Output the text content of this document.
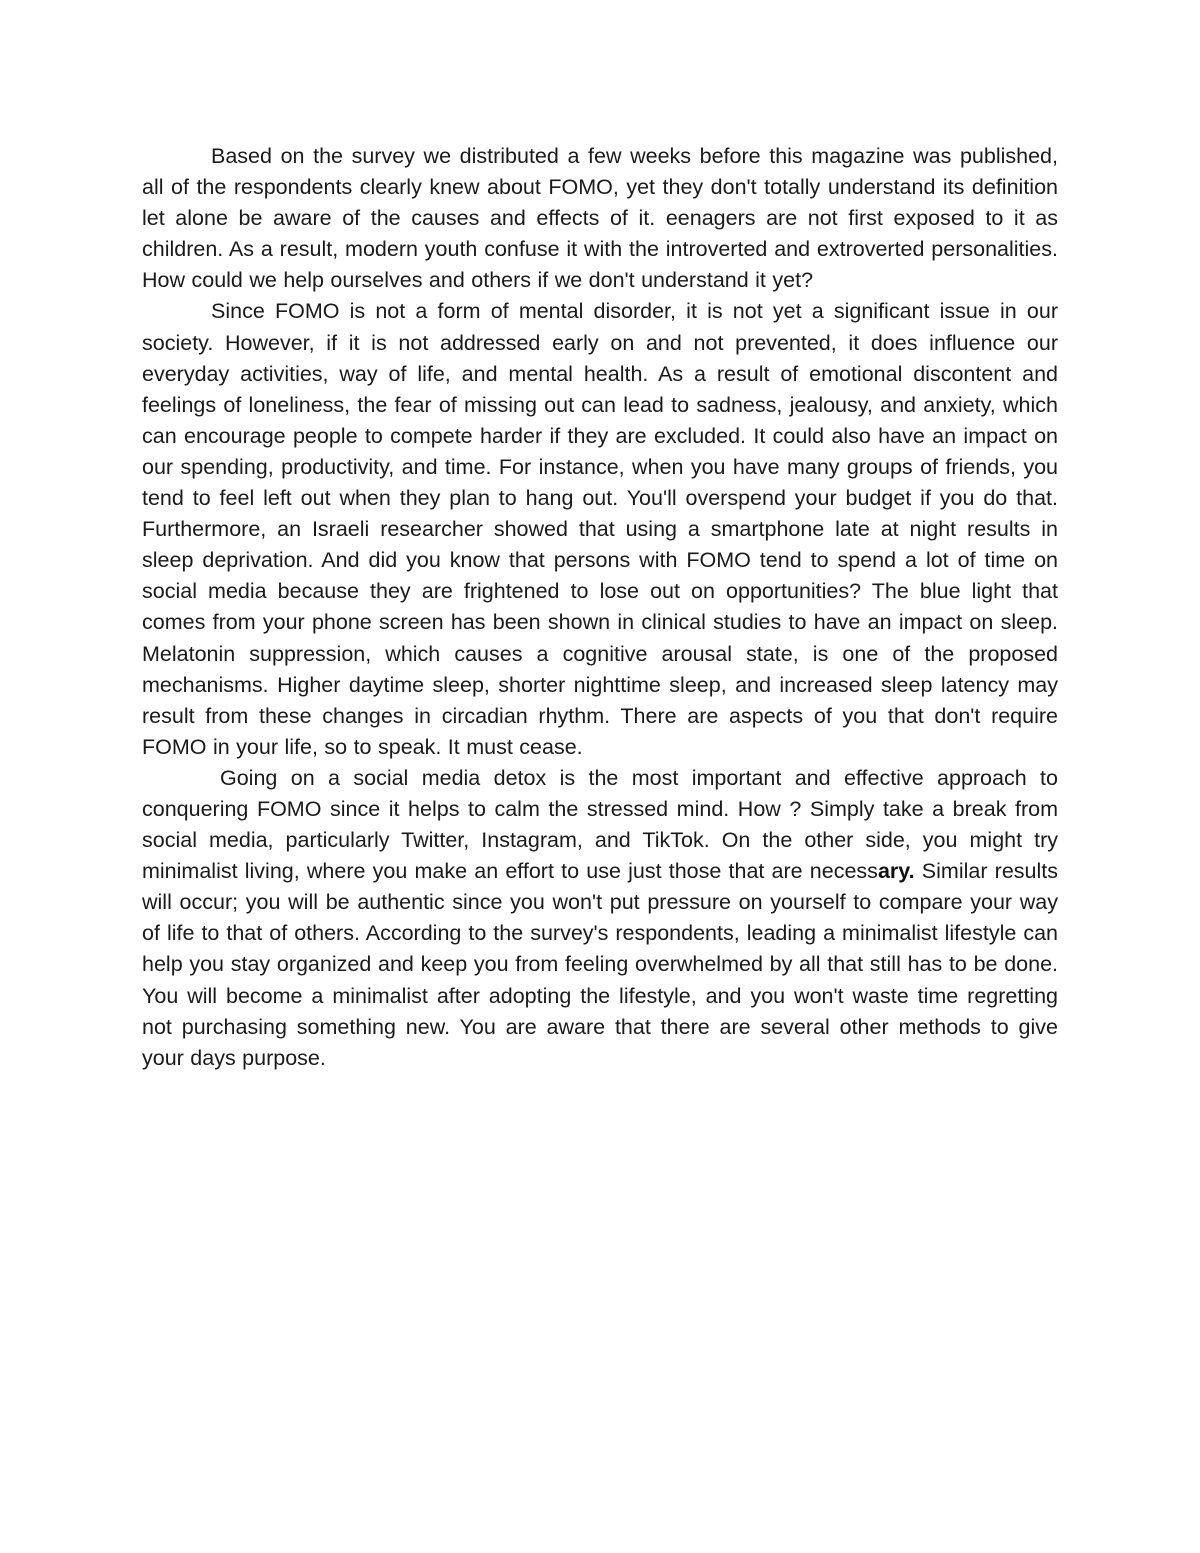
Based on the survey we distributed a few weeks before this magazine was published, all of the respondents clearly knew about FOMO, yet they don't totally understand its definition let alone be aware of the causes and effects of it. eenagers are not first exposed to it as children. As a result, modern youth confuse it with the introverted and extroverted personalities. How could we help ourselves and others if we don't understand it yet?

Since FOMO is not a form of mental disorder, it is not yet a significant issue in our society. However, if it is not addressed early on and not prevented, it does influence our everyday activities, way of life, and mental health. As a result of emotional discontent and feelings of loneliness, the fear of missing out can lead to sadness, jealousy, and anxiety, which can encourage people to compete harder if they are excluded. It could also have an impact on our spending, productivity, and time. For instance, when you have many groups of friends, you tend to feel left out when they plan to hang out. You'll overspend your budget if you do that. Furthermore, an Israeli researcher showed that using a smartphone late at night results in sleep deprivation. And did you know that persons with FOMO tend to spend a lot of time on social media because they are frightened to lose out on opportunities? The blue light that comes from your phone screen has been shown in clinical studies to have an impact on sleep. Melatonin suppression, which causes a cognitive arousal state, is one of the proposed mechanisms. Higher daytime sleep, shorter nighttime sleep, and increased sleep latency may result from these changes in circadian rhythm. There are aspects of you that don't require FOMO in your life, so to speak. It must cease.

Going on a social media detox is the most important and effective approach to conquering FOMO since it helps to calm the stressed mind. How ? Simply take a break from social media, particularly Twitter, Instagram, and TikTok. On the other side, you might try minimalist living, where you make an effort to use just those that are necessary. Similar results will occur; you will be authentic since you won't put pressure on yourself to compare your way of life to that of others. According to the survey's respondents, leading a minimalist lifestyle can help you stay organized and keep you from feeling overwhelmed by all that still has to be done. You will become a minimalist after adopting the lifestyle, and you won't waste time regretting not purchasing something new. You are aware that there are several other methods to give your days purpose.
